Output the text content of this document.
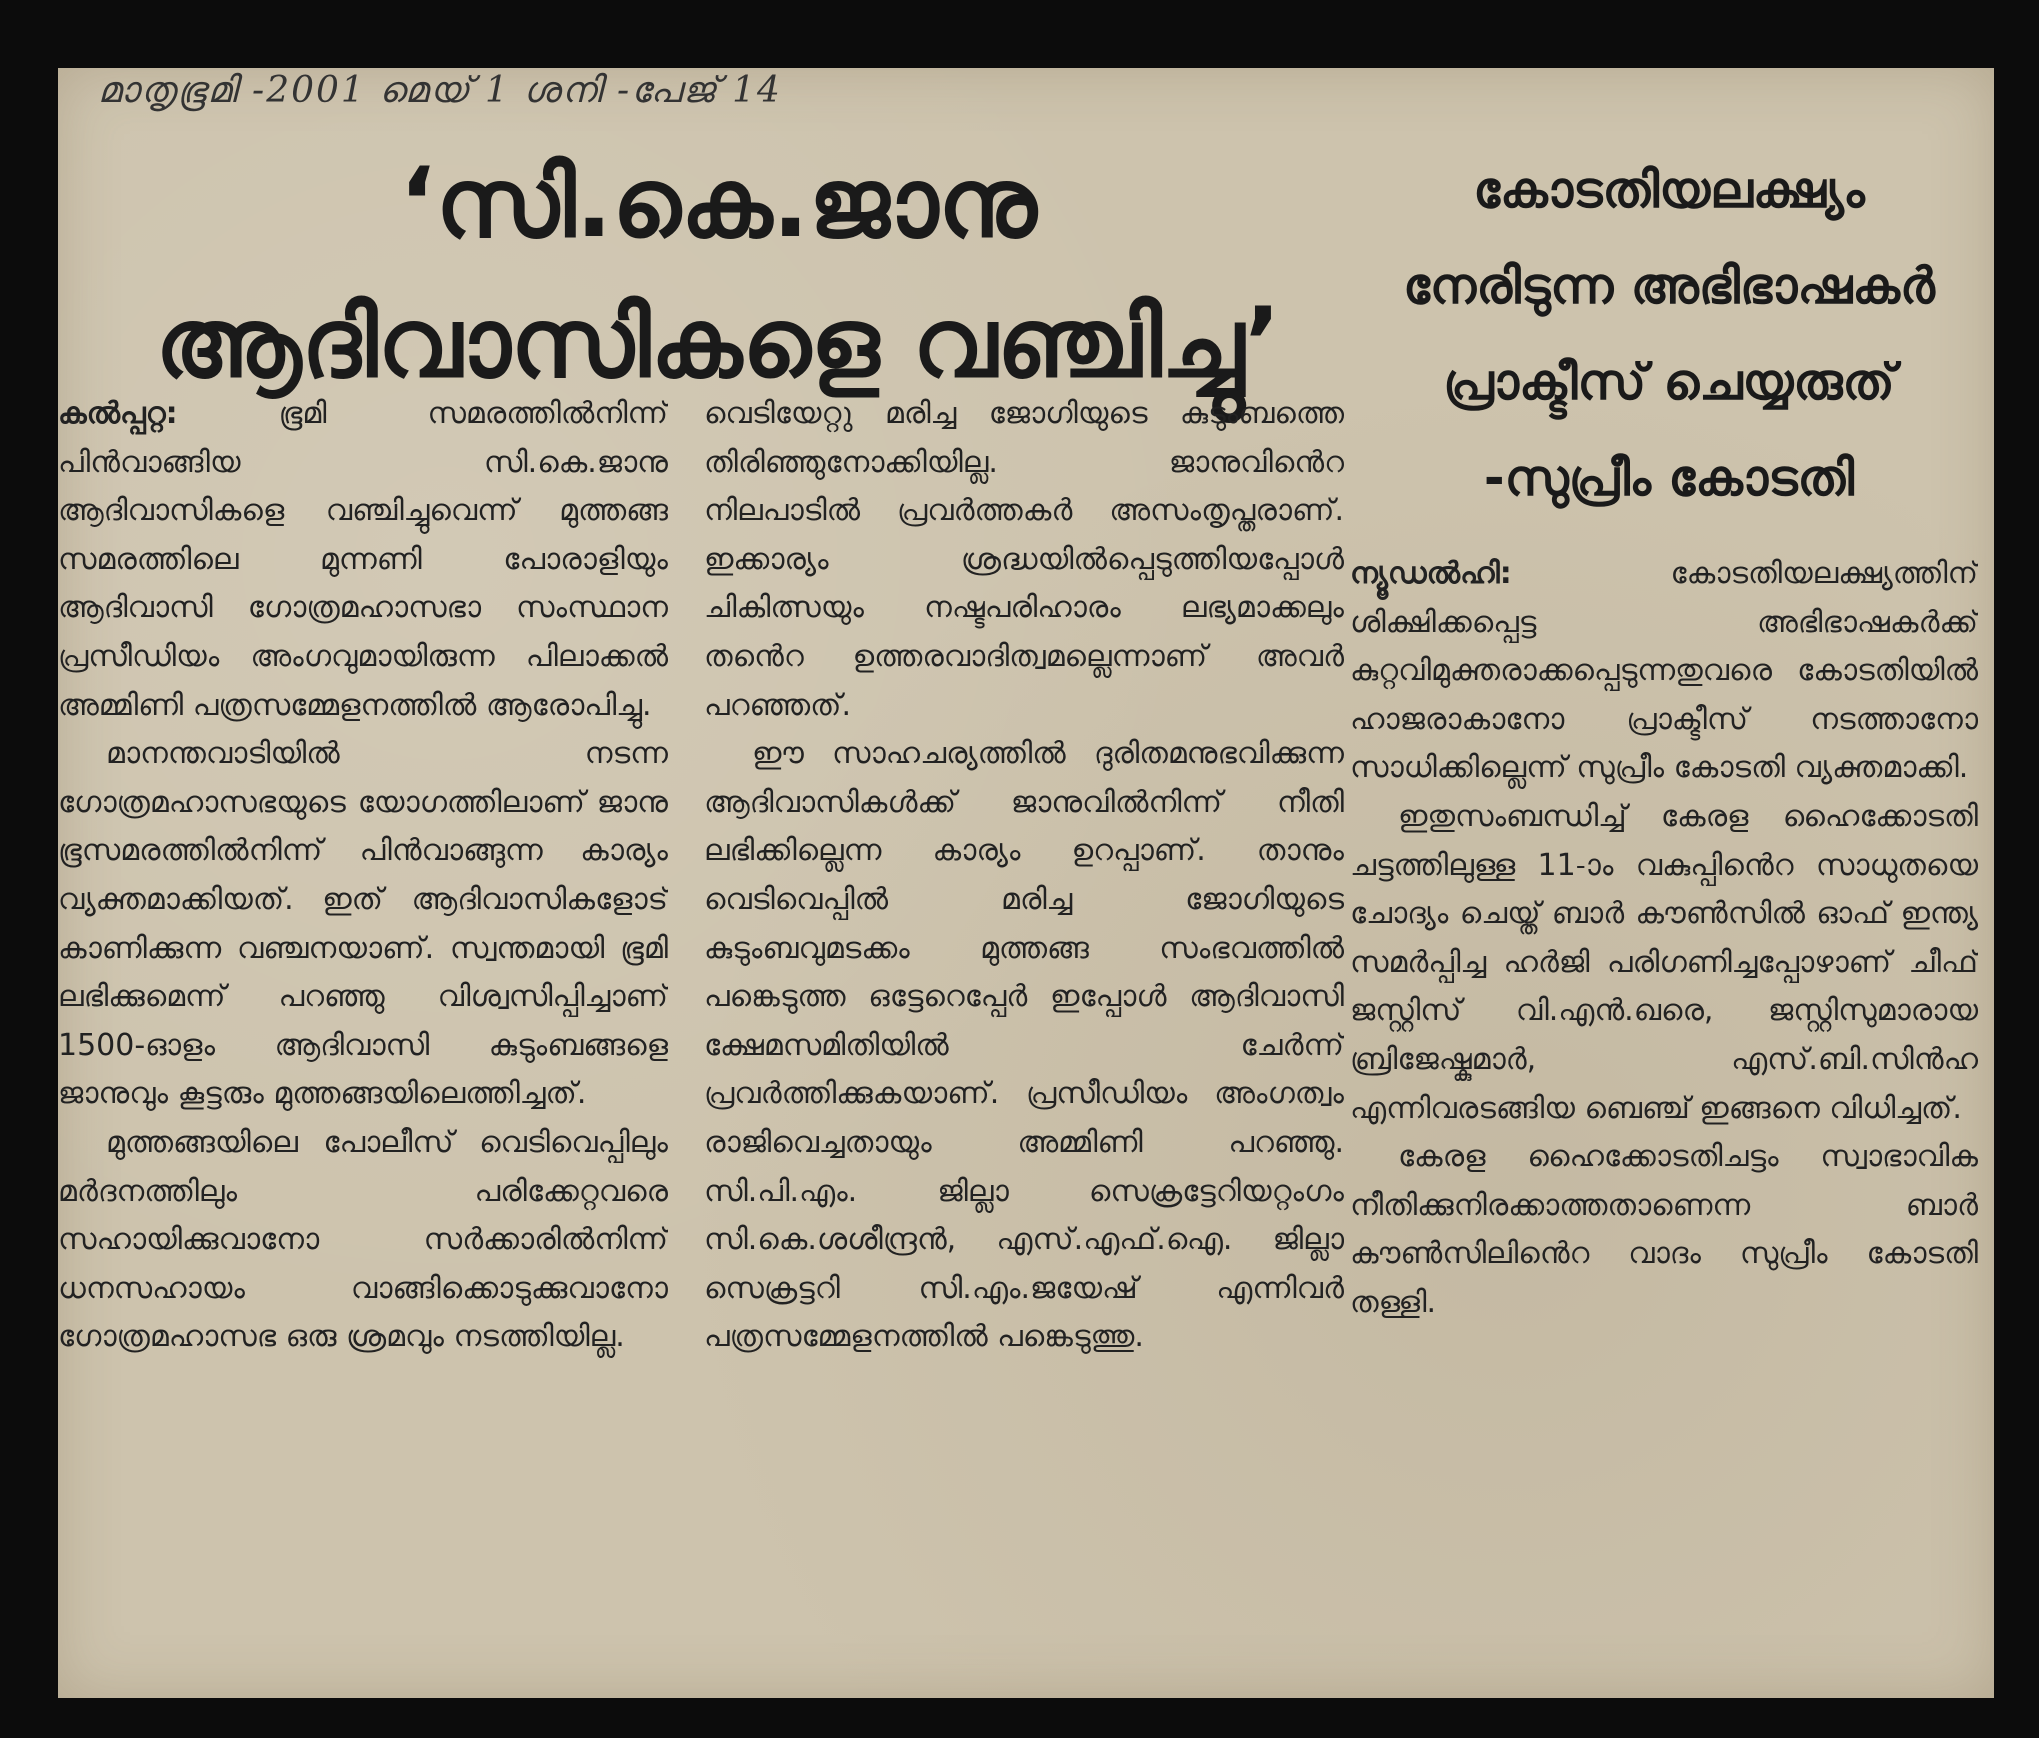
മാതൃഭൂമി -2001 മെയ് 1 ശനി -പേജ് 14
‘സി.കെ.ജാനു
ആദിവാസികളെ വഞ്ചിച്ചു’

കൽപ്പറ്റ: ഭൂമി സമരത്തിൽനിന്ന് പിൻവാങ്ങിയ സി.കെ.ജാനു ആദിവാസികളെ വഞ്ചിച്ചുവെന്ന് മുത്തങ്ങ സമരത്തിലെ മുന്നണി പോരാളിയും ആദിവാസി ഗോത്രമഹാസഭാ സംസ്ഥാന പ്രസീഡിയം അംഗവുമായിരുന്ന പിലാക്കൽ അമ്മിണി പത്രസമ്മേളനത്തിൽ ആരോപിച്ചു.

മാനന്തവാടിയിൽ നടന്ന ഗോത്രമഹാസഭയുടെ യോഗത്തിലാണ് ജാനു ഭൂസമരത്തിൽനിന്ന് പിൻവാങ്ങുന്ന കാര്യം വ്യക്തമാക്കിയത്. ഇത് ആദിവാസികളോട് കാണിക്കുന്ന വഞ്ചനയാണ്. സ്വന്തമായി ഭൂമി ലഭിക്കുമെന്ന് പറഞ്ഞു വിശ്വസിപ്പിച്ചാണ് 1500-ഓളം ആദിവാസി കുടുംബങ്ങളെ ജാനുവും കൂട്ടരും മുത്തങ്ങയിലെത്തിച്ചത്.

മുത്തങ്ങയിലെ പോലീസ് വെടിവെപ്പിലും മർദനത്തിലും പരിക്കേറ്റവരെ സഹായിക്കുവാനോ സർക്കാരിൽനിന്ന് ധനസഹായം വാങ്ങിക്കൊടുക്കുവാനോ ഗോത്രമഹാസഭ ഒരു ശ്രമവും നടത്തിയില്ല.

വെടിയേറ്റു മരിച്ച ജോഗിയുടെ കുടുംബത്തെ തിരിഞ്ഞുനോക്കിയില്ല. ജാനുവിൻെറ നിലപാടിൽ പ്രവർത്തകർ അസംതൃപ്തരാണ്. ഇക്കാര്യം ശ്രദ്ധയിൽപ്പെടുത്തിയപ്പോൾ ചികിത്സയും നഷ്ടപരിഹാരം ലഭ്യമാക്കലും തൻെറ ഉത്തരവാദിത്വമല്ലെന്നാണ് അവർ പറഞ്ഞത്.

ഈ സാഹചര്യത്തിൽ ദുരിതമനുഭവിക്കുന്ന ആദിവാസികൾക്ക് ജാനുവിൽനിന്ന് നീതി ലഭിക്കില്ലെന്ന കാര്യം ഉറപ്പാണ്. താനും വെടിവെപ്പിൽ മരിച്ച ജോഗിയുടെ കുടുംബവുമടക്കം മുത്തങ്ങ സംഭവത്തിൽ പങ്കെടുത്ത ഒട്ടേറെപ്പേർ ഇപ്പോൾ ആദിവാസി ക്ഷേമസമിതിയിൽ ചേർന്ന് പ്രവർത്തിക്കുകയാണ്. പ്രസീഡിയം അംഗത്വം രാജിവെച്ചതായും അമ്മിണി പറഞ്ഞു. സി.പി.എം. ജില്ലാ സെക്രട്ടേറിയറ്റംഗം സി.കെ.ശശീന്ദ്രൻ, എസ്.എഫ്.ഐ. ജില്ലാ സെക്രട്ടറി സി.എം.ജയേഷ് എന്നിവർ പത്രസമ്മേളനത്തിൽ പങ്കെടുത്തു.

കോടതിയലക്ഷ്യം
നേരിടുന്ന അഭിഭാഷകർ
പ്രാക്ടീസ് ചെയ്യരുത്
-സുപ്രീം കോടതി

ന്യൂഡൽഹി: കോടതിയലക്ഷ്യത്തിന് ശിക്ഷിക്കപ്പെട്ട അഭിഭാഷകർക്ക് കുറ്റവിമുക്തരാക്കപ്പെടുന്നതുവരെ കോടതിയിൽ ഹാജരാകാനോ പ്രാക്ടീസ് നടത്താനോ സാധിക്കില്ലെന്ന് സുപ്രീം കോടതി വ്യക്തമാക്കി.

ഇതുസംബന്ധിച്ച് കേരള ഹൈക്കോടതി ചട്ടത്തിലുള്ള 11-ാം വകുപ്പിൻെറ സാധുതയെ ചോദ്യം ചെയ്ത് ബാർ കൗൺസിൽ ഓഫ് ഇന്ത്യ സമർപ്പിച്ച ഹർജി പരിഗണിച്ചപ്പോഴാണ് ചീഫ് ജസ്റ്റിസ് വി.എൻ.ഖരെ, ജസ്റ്റിസുമാരായ ബ്രിജേഷ്കുമാർ, എസ്.ബി.സിൻഹ എന്നിവരടങ്ങിയ ബെഞ്ച് ഇങ്ങനെ വിധിച്ചത്.

കേരള ഹൈക്കോടതിചട്ടം സ്വാഭാവിക നീതിക്കുനിരക്കാത്തതാണെന്ന ബാർ കൗൺസിലിൻെറ വാദം സുപ്രീം കോടതി തള്ളി.
